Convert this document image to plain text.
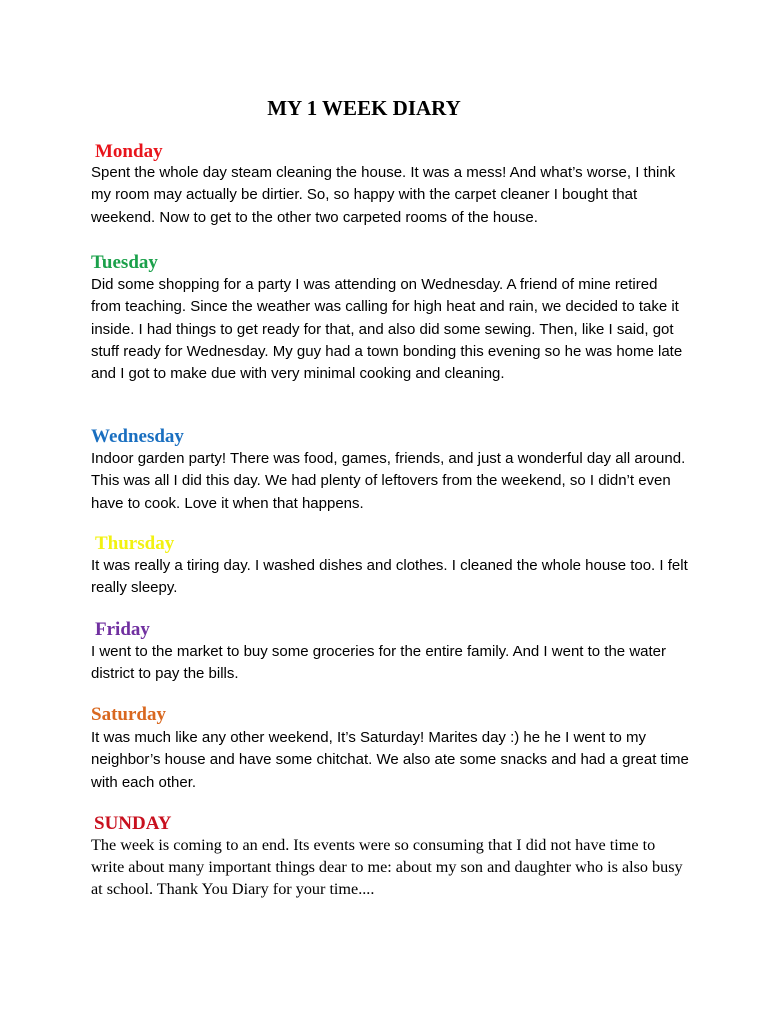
MY 1 WEEK DIARY
Monday

Spent the whole day steam cleaning the house. It was a mess! And what’s worse, I think my room may actually be dirtier. So, so happy with the carpet cleaner I bought that weekend. Now to get to the other two carpeted rooms of the house.

Tuesday

Did some shopping for a party I was attending on Wednesday. A friend of mine retired from teaching. Since the weather was calling for high heat and rain, we decided to take it inside. I had things to get ready for that, and also did some sewing. Then, like I said, got stuff ready for Wednesday. My guy had a town bonding this evening so he was home late and I got to make due with very minimal cooking and cleaning.

Wednesday

Indoor garden party! There was food, games, friends, and just a wonderful day all around. This was all I did this day. We had plenty of leftovers from the weekend, so I didn’t even have to cook. Love it when that happens.

Thursday

It was really a tiring day. I washed dishes and clothes. I cleaned the whole house too. I felt really sleepy.

Friday

I went to the market to buy some groceries for the entire family. And I went to the water district to pay the bills.

Saturday

It was much like any other weekend, It’s Saturday! Marites day :) he he I went to my neighbor’s house and have some chitchat. We also ate some snacks and had a great time with each other.

SUNDAY

The week is coming to an end. Its events were so consuming that I did not have time to write about many important things dear to me: about my son and daughter who is also busy at school. Thank You Diary for your time....
